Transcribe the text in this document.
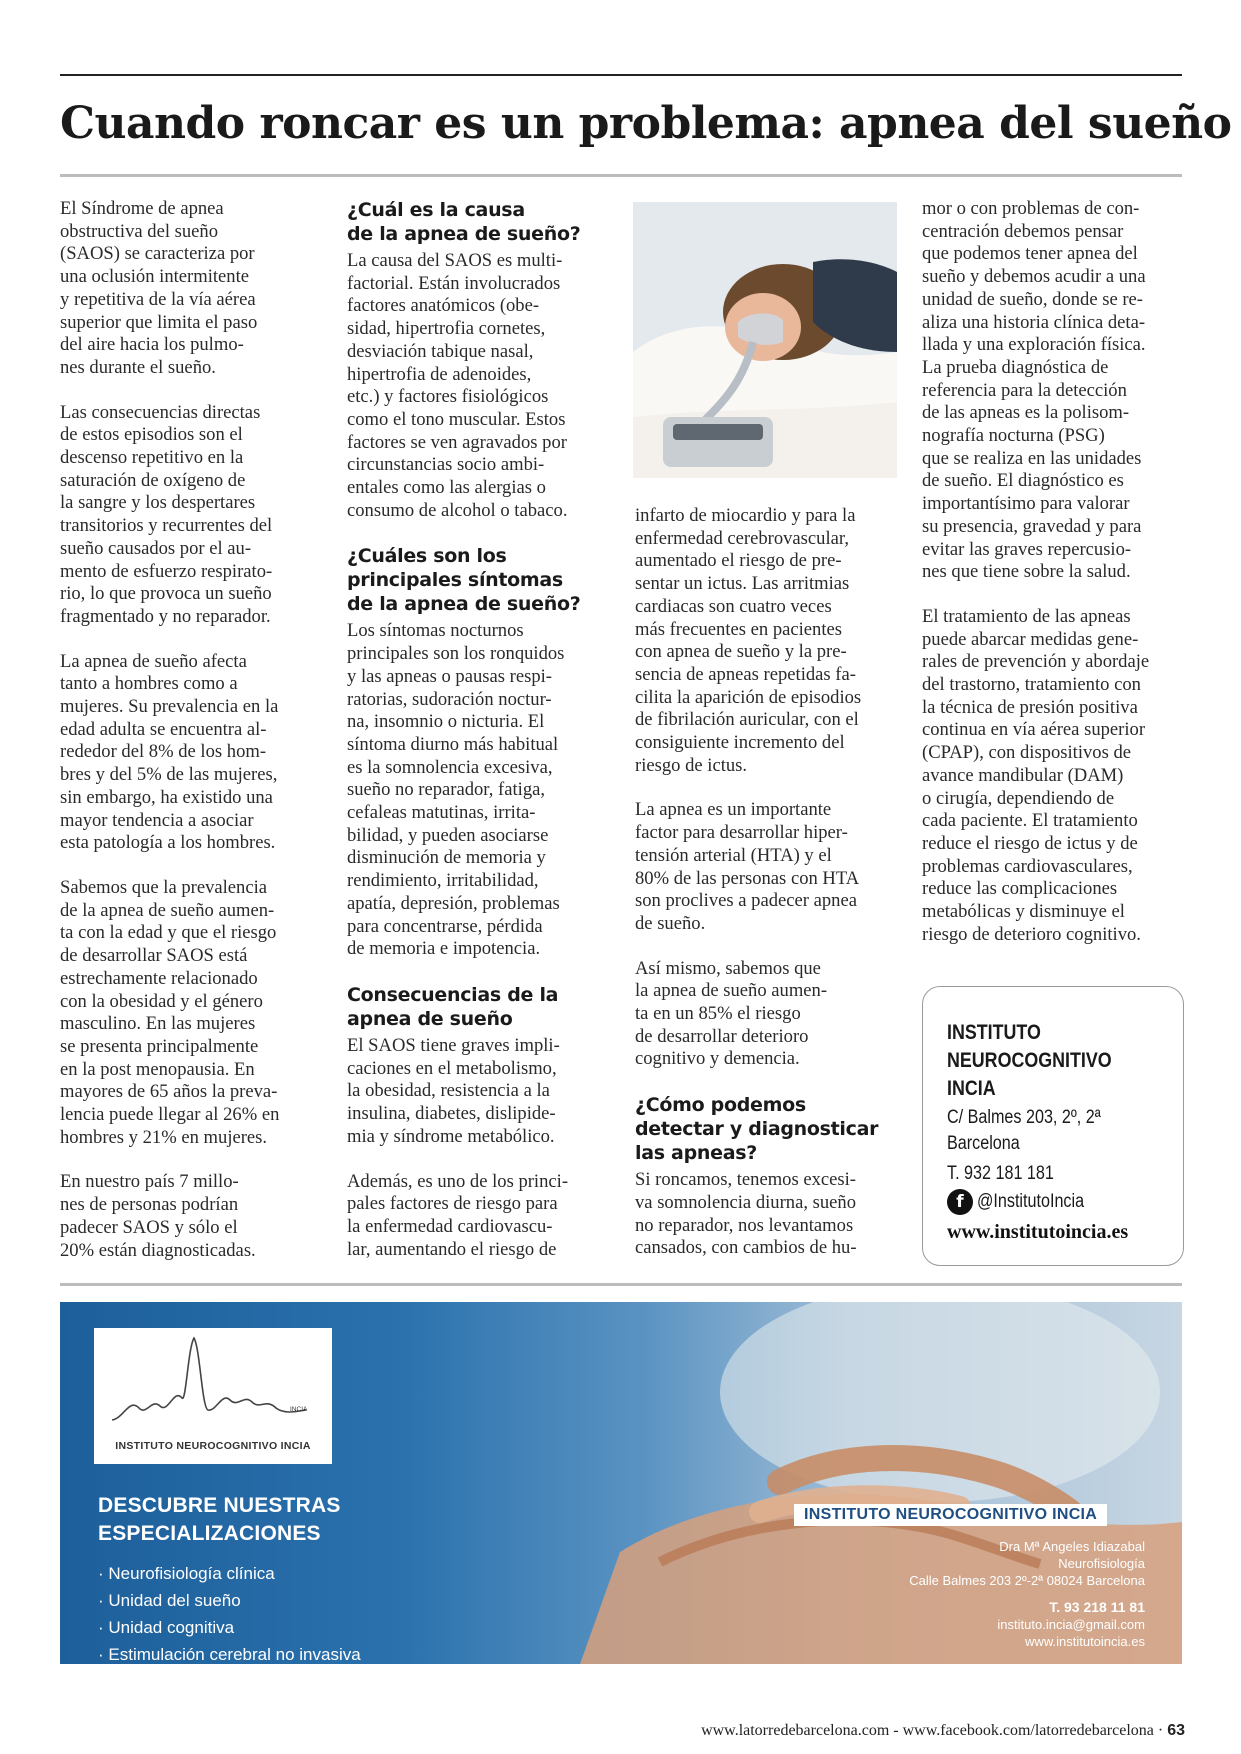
Cuando roncar es un problema: apnea del sueño

El Síndrome de apnea
obstructiva del sueño
(SAOS) se caracteriza por
una oclusión intermitente
y repetitiva de la vía aérea
superior que limita el paso
del aire hacia los pulmo-
nes durante el sueño.

Las consecuencias directas
de estos episodios son el
descenso repetitivo en la
saturación de oxígeno de
la sangre y los despertares
transitorios y recurrentes del
sueño causados por el au-
mento de esfuerzo respirato-
rio, lo que provoca un sueño
fragmentado y no reparador.

La apnea de sueño afecta
tanto a hombres como a
mujeres. Su prevalencia en la
edad adulta se encuentra al-
rededor del 8% de los hom-
bres y del 5% de las mujeres,
sin embargo, ha existido una
mayor tendencia a asociar
esta patología a los hombres.

Sabemos que la prevalencia
de la apnea de sueño aumen-
ta con la edad y que el riesgo
de desarrollar SAOS está
estrechamente relacionado
con la obesidad y el género
masculino. En las mujeres
se presenta principalmente
en la post menopausia. En
mayores de 65 años la preva-
lencia puede llegar al 26% en
hombres y 21% en mujeres.

En nuestro país 7 millo-
nes de personas podrían
padecer SAOS y sólo el
20% están diagnosticadas.

¿Cuál es la causa
de la apnea de sueño?

La causa del SAOS es multi-
factorial. Están involucrados
factores anatómicos (obe-
sidad, hipertrofia cornetes,
desviación tabique nasal,
hipertrofia de adenoides,
etc.) y factores fisiológicos
como el tono muscular. Estos
factores se ven agravados por
circunstancias socio ambi-
entales como las alergias o
consumo de alcohol o tabaco.

¿Cuáles son los
principales síntomas
de la apnea de sueño?

Los síntomas nocturnos
principales son los ronquidos
y las apneas o pausas respi-
ratorias, sudoración noctur-
na, insomnio o nicturia. El
síntoma diurno más habitual
es la somnolencia excesiva,
sueño no reparador, fatiga,
cefaleas matutinas, irrita-
bilidad, y pueden asociarse
disminución de memoria y
rendimiento, irritabilidad,
apatía, depresión, problemas
para concentrarse, pérdida
de memoria e impotencia.

Consecuencias de la
apnea de sueño

El SAOS tiene graves impli-
caciones en el metabolismo,
la obesidad, resistencia a la
insulina, diabetes, dislipide-
mia y síndrome metabólico.

Además, es uno de los princi-
pales factores de riesgo para
la enfermedad cardiovascu-
lar, aumentando el riesgo de

infarto de miocardio y para la
enfermedad cerebrovascular,
aumentado el riesgo de pre-
sentar un ictus. Las arritmias
cardiacas son cuatro veces
más frecuentes en pacientes
con apnea de sueño y la pre-
sencia de apneas repetidas fa-
cilita la aparición de episodios
de fibrilación auricular, con el
consiguiente incremento del
riesgo de ictus.

La apnea es un importante
factor para desarrollar hiper-
tensión arterial (HTA) y el
80% de las personas con HTA
son proclives a padecer apnea
de sueño.

Así mismo, sabemos que
la apnea de sueño aumen-
ta en un 85% el riesgo
de desarrollar deterioro
cognitivo y demencia.

¿Cómo podemos
detectar y diagnosticar
las apneas?

Si roncamos, tenemos excesi-
va somnolencia diurna, sueño
no reparador, nos levantamos
cansados, con cambios de hu-

mor o con problemas de con-
centración debemos pensar
que podemos tener apnea del
sueño y debemos acudir a una
unidad de sueño, donde se re-
aliza una historia clínica deta-
llada y una exploración física.
La prueba diagnóstica de
referencia para la detección
de las apneas es la polisom-
nografía nocturna (PSG)
que se realiza en las unidades
de sueño. El diagnóstico es
importantísimo para valorar
su presencia, gravedad y para
evitar las graves repercusio-
nes que tiene sobre la salud.

El tratamiento de las apneas
puede abarcar medidas gene-
rales de prevención y abordaje
del trastorno, tratamiento con
la técnica de presión positiva
continua en vía aérea superior
(CPAP), con dispositivos de
avance mandibular (DAM)
o cirugía, dependiendo de
cada paciente. El tratamiento
reduce el riesgo de ictus y de
problemas cardiovasculares,
reduce las complicaciones
metabólicas y disminuye el
riesgo de deterioro cognitivo.

INSTITUTO
NEUROCOGNITIVO
INCIA
C/ Balmes 203, 2º, 2ª
Barcelona
T. 932 181 181
f @InstitutoIncia
www.institutoincia.es
INCIA
INSTITUTO NEUROCOGNITIVO INCIA
DESCUBRE NUESTRAS
ESPECIALIZACIONES
· Neurofisiología clínica
· Unidad del sueño
· Unidad cognitiva
· Estimulación cerebral no invasiva
INSTITUTO NEUROCOGNITIVO INCIA
Dra Mª Angeles Idiazabal
Neurofisiología
Calle Balmes 203 2º-2ª 08024 Barcelona
T. 93 218 11 81
instituto.incia@gmail.com
www.institutoincia.es
www.latorredebarcelona.com - www.facebook.com/latorredebarcelona · 63
